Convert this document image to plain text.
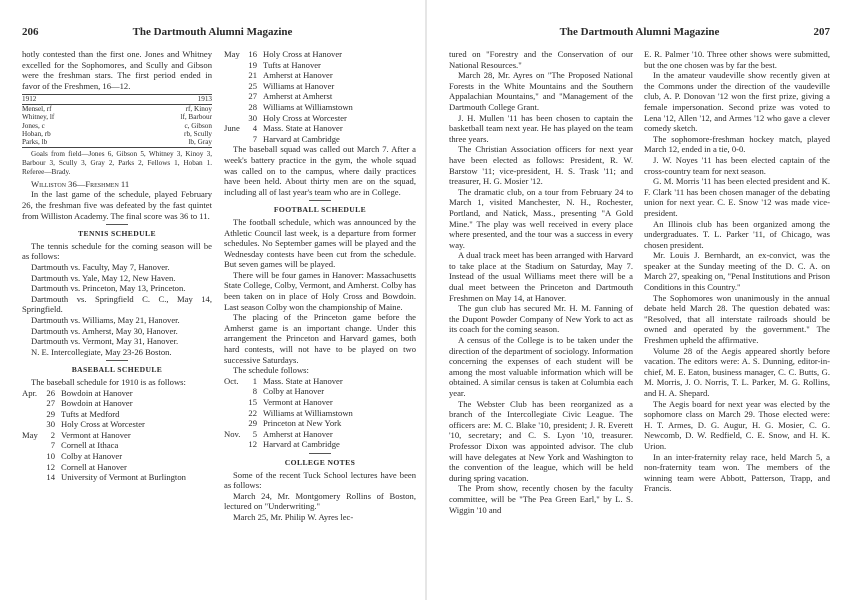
206	The Dartmouth Alumni Magazine

hotly contested than the first one. Jones and Whitney excelled for the Sophomores, and Scully and Gibson were the freshman stars. The first period ended in favor of the Freshmen, 16—12.

1912	1913
Mensel, rf	rf, Kinoy
Whitney, lf	lf, Barbour
Jones, c	c, Gibson
Hoban, rb	rb, Scully
Parks, lb	lb, Gray

Goals from field—Jones 6, Gibson 5, Whitney 3, Kinoy 3, Barbour 3, Scully 3, Gray 2, Parks 2, Fellows 1, Hoban 1. Referee—Brady.

Williston 36—Freshmen 11

In the last game of the schedule, played February 26, the freshman five was defeated by the fast quintet from Williston Academy. The final score was 36 to 11.

TENNIS SCHEDULE

The tennis schedule for the coming season will be as follows:

Dartmouth vs. Faculty, May 7, Hanover.

Dartmouth vs. Yale, May 12, New Haven.

Dartmouth vs. Princeton, May 13, Princeton.

Dartmouth vs. Springfield C. C., May 14, Springfield.

Dartmouth vs. Williams, May 21, Hanover.

Dartmouth vs. Amherst, May 30, Hanover.

Dartmouth vs. Vermont, May 31, Hanover.

N. E. Intercollegiate, May 23-26 Boston.

BASEBALL SCHEDULE

The baseball schedule for 1910 is as follows:

Apr.	26	Bowdoin at Hanover
	27	Bowdoin at Hanover
	29	Tufts at Medford
	30	Holy Cross at Worcester
May	2	Vermont at Hanover
	7	Cornell at Ithaca
	10	Colby at Hanover
	12	Cornell at Hanover
	14	University of Vermont at Burlington
May	16	Holy Cross at Hanover
	19	Tufts at Hanover
	21	Amherst at Hanover
	25	Williams at Hanover
	27	Amherst at Amherst
	28	Williams at Williamstown
	30	Holy Cross at Worcester
June	4	Mass. State at Hanover
	7	Harvard at Cambridge

The baseball squad was called out March 7. After a week's battery practice in the gym, the whole squad was called on to the campus, where daily practices have been held. About thirty men are on the squad, including all of last year's team who are in College.

FOOTBALL SCHEDULE

The football schedule, which was announced by the Athletic Council last week, is a departure from former schedules. No September games will be played and the Wednesday contests have been cut from the schedule. But seven games will be played.

There will be four games in Hanover: Massachusetts State College, Colby, Vermont, and Amherst. Colby has been taken on in place of Holy Cross and Bowdoin. Last season Colby won the championship of Maine.

The placing of the Princeton game before the Amherst game is an important change. Under this arrangement the Princeton and Harvard games, both hard contests, will not have to be played on two successive Saturdays.

The schedule follows:

Oct.	1	Mass. State at Hanover
	8	Colby at Hanover
	15	Vermont at Hanover
	22	Williams at Williamstown
	29	Princeton at New York
Nov.	5	Amherst at Hanover
	12	Harvard at Cambridge
COLLEGE NOTES

Some of the recent Tuck School lectures have been as follows:

March 24, Mr. Montgomery Rollins of Boston, lectured on "Underwriting."

March 25, Mr. Philip W. Ayres lec-

The Dartmouth Alumni Magazine	207

tured on "Forestry and the Conservation of our National Resources."

March 28, Mr. Ayres on "The Proposed National Forests in the White Mountains and the Southern Appalachian Mountains," and "Management of the Dartmouth College Grant.

J. H. Mullen '11 has been chosen to captain the basketball team next year. He has played on the team three years.

The Christian Association officers for next year have been elected as follows: President, R. W. Barstow '11; vice-president, H. S. Trask '11; and treasurer, H. G. Mosier '12.

The dramatic club, on a tour from February 24 to March 1, visited Manchester, N. H., Rochester, Portland, and Natick, Mass., presenting "A Gold Mine." The play was well received in every place where presented, and the tour was a success in every way.

A dual track meet has been arranged with Harvard to take place at the Stadium on Saturday, May 7. Instead of the usual Williams meet there will be a dual meet between the Princeton and Dartmouth Freshmen on May 14, at Hanover.

The gun club has secured Mr. H. M. Fanning of the Dupont Powder Company of New York to act as its coach for the coming season.

A census of the College is to be taken under the direction of the department of sociology. Information concerning the expenses of each student will be among the most valuable information which will be obtained. A similar census is taken at Columbia each year.

The Webster Club has been reorganized as a branch of the Intercollegiate Civic League. The officers are: M. C. Blake '10, president; J. R. Everett '10, secretary; and C. S. Lyon '10, treasurer. Professor Dixon was appointed advisor. The club will have delegates at New York and Washington to the convention of the league, which will be held during spring vacation.

The Prom show, recently chosen by the faculty committee, will be "The Pea Green Earl," by L. S. Wiggin '10 and

E. R. Palmer '10. Three other shows were submitted, but the one chosen was by far the best.

In the amateur vaudeville show recently given at the Commons under the direction of the vaudeville club, A. P. Donovan '12 won the first prize, giving a female impersonation. Second prize was voted to Lena '12, Allen '12, and Armes '12 who gave a clever comedy sketch.

The sophomore-freshman hockey match, played March 12, ended in a tie, 0-0.

J. W. Noyes '11 has been elected captain of the cross-country team for next season.

G. M. Morris '11 has been elected president and K. F. Clark '11 has been chosen manager of the debating union for next year. C. E. Snow '12 was made vice-president.

An Illinois club has been organized among the undergraduates. T. L. Parker '11, of Chicago, was chosen president.

Mr. Louis J. Bernhardt, an ex-convict, was the speaker at the Sunday meeting of the D. C. A. on March 27, speaking on, "Penal Institutions and Prison Conditions in this Country."

The Sophomores won unanimously in the annual debate held March 28. The question debated was: "Resolved, that all interstate railroads should be owned and operated by the government." The Freshmen upheld the affirmative.

Volume 28 of the Aegis appeared shortly before vacation. The editors were: A. S. Dunning, editor-in-chief, M. E. Eaton, business manager, C. C. Butts, G. M. Morris, J. O. Norris, T. L. Parker, M. G. Rollins, and H. A. Shepard.

The Aegis board for next year was elected by the sophomore class on March 29. Those elected were: H. T. Armes, D. G. Augur, H. G. Mosier, C. G. Newcomb, D. W. Redfield, C. E. Snow, and H. K. Urion.

In an inter-fraternity relay race, held March 5, a non-fraternity team won. The members of the winning team were Abbott, Patterson, Trapp, and Francis.
